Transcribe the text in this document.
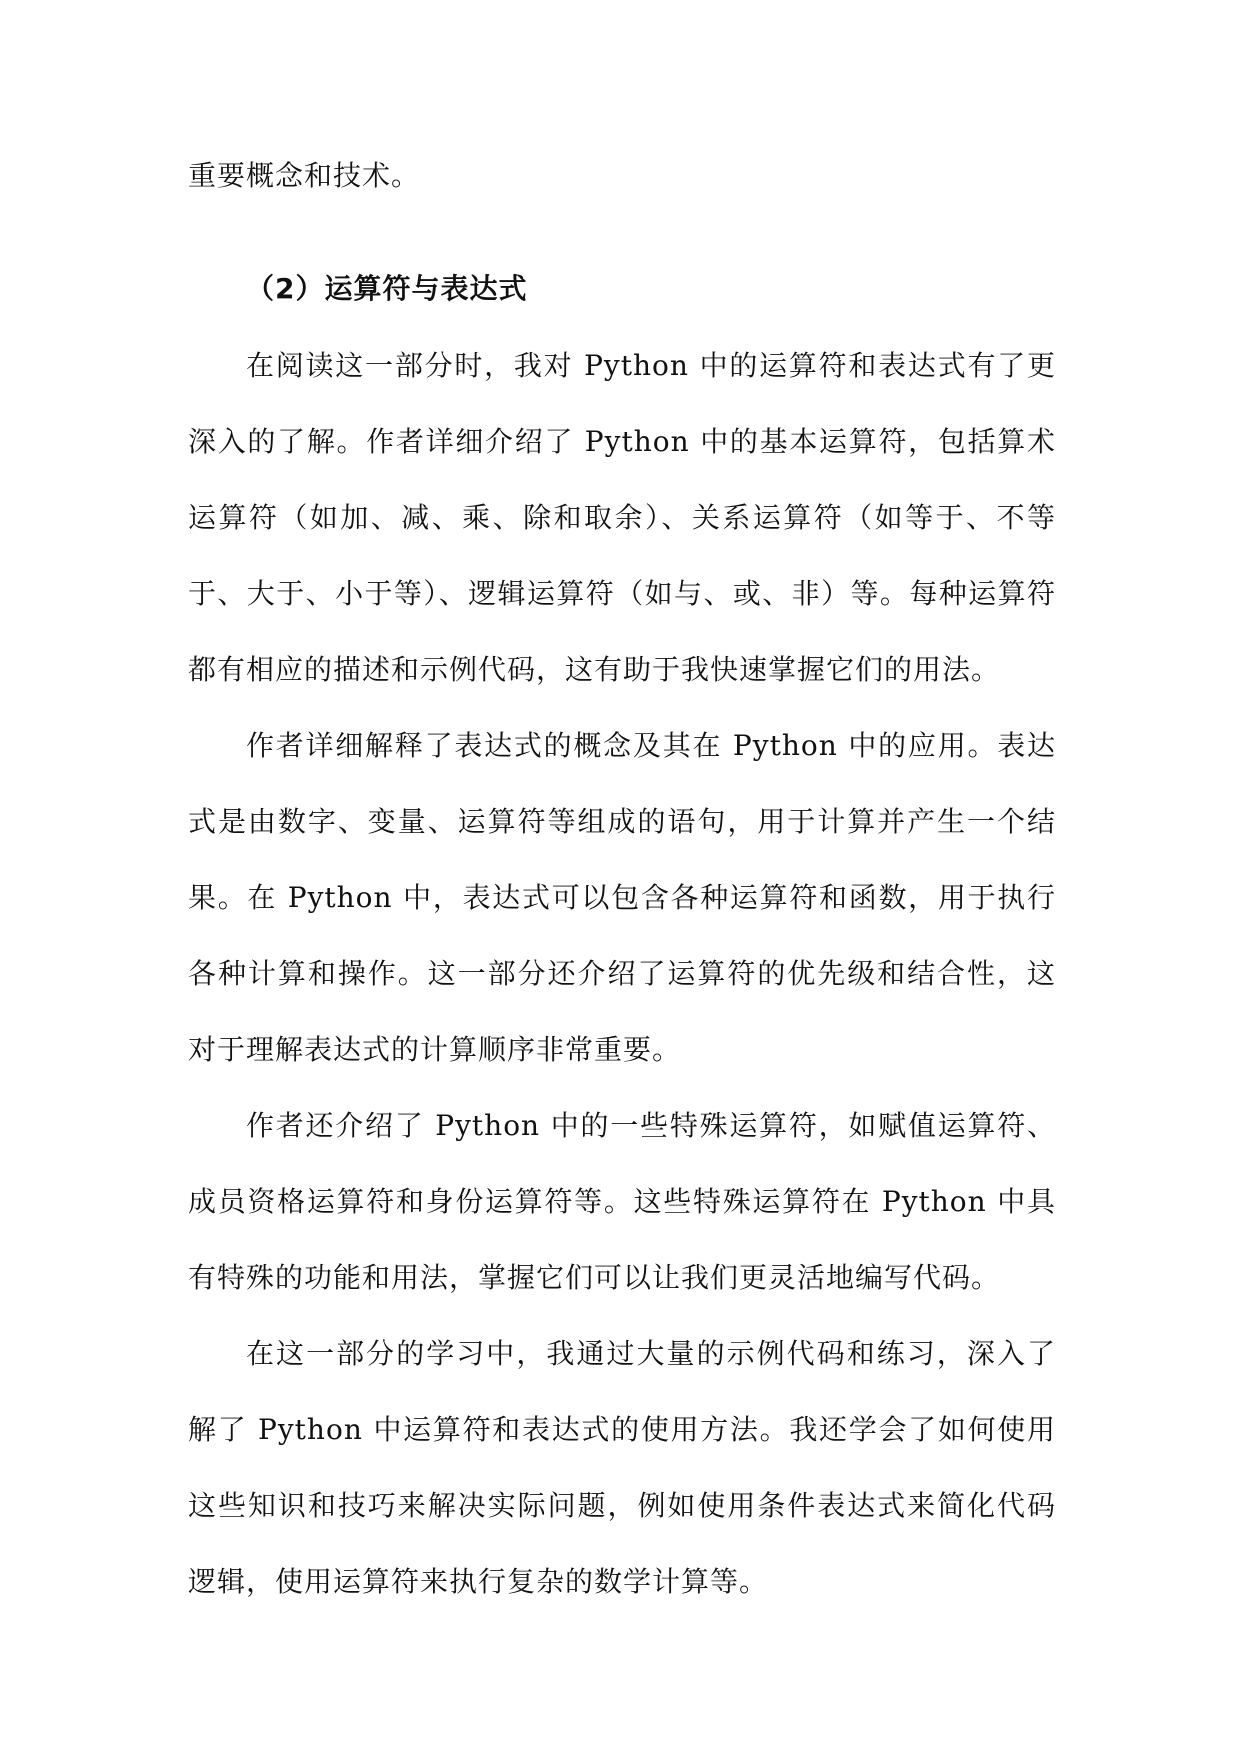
重要概念和技术。

（2）运算符与表达式

在阅读这一部分时，我对 Python 中的运算符和表达式有了更深入的了解。作者详细介绍了 Python 中的基本运算符，包括算术运算符（如加、减、乘、除和取余）、关系运算符（如等于、不等于、大于、小于等）、逻辑运算符（如与、或、非）等。每种运算符都有相应的描述和示例代码，这有助于我快速掌握它们的用法。

作者详细解释了表达式的概念及其在 Python 中的应用。表达式是由数字、变量、运算符等组成的语句，用于计算并产生一个结果。在 Python 中，表达式可以包含各种运算符和函数，用于执行各种计算和操作。这一部分还介绍了运算符的优先级和结合性，这对于理解表达式的计算顺序非常重要。

作者还介绍了 Python 中的一些特殊运算符，如赋值运算符、成员资格运算符和身份运算符等。这些特殊运算符在 Python 中具有特殊的功能和用法，掌握它们可以让我们更灵活地编写代码。

在这一部分的学习中，我通过大量的示例代码和练习，深入了解了 Python 中运算符和表达式的使用方法。我还学会了如何使用这些知识和技巧来解决实际问题，例如使用条件表达式来简化代码逻辑，使用运算符来执行复杂的数学计算等。
